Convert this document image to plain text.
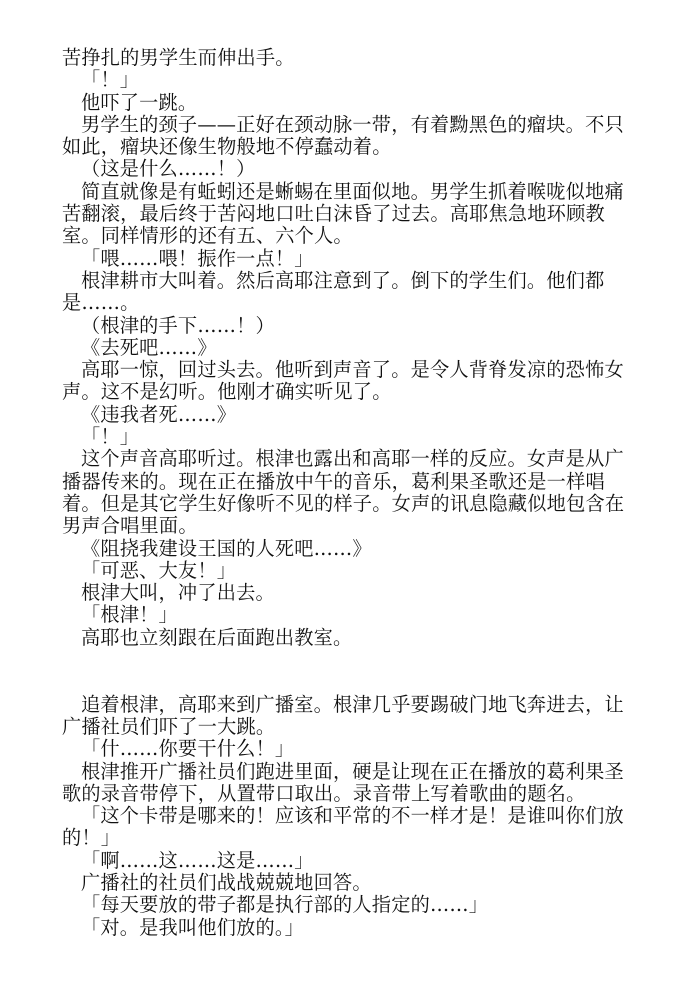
苦挣扎的男学生而伸出手。
「！」
他吓了一跳。
男学生的颈子——正好在颈动脉一带，有着黝黑色的瘤块。不只
如此，瘤块还像生物般地不停蠢动着。
（这是什么……！）
简直就像是有蚯蚓还是蜥蜴在里面似地。男学生抓着喉咙似地痛
苦翻滚，最后终于苦闷地口吐白沫昏了过去。高耶焦急地环顾教
室。同样情形的还有五、六个人。
「喂……喂！振作一点！」
根津耕市大叫着。然后高耶注意到了。倒下的学生们。他们都
是……。
（根津的手下……！）
《去死吧……》
高耶一惊，回过头去。他听到声音了。是令人背脊发凉的恐怖女
声。这不是幻听。他刚才确实听见了。
《违我者死……》
「！」
这个声音高耶听过。根津也露出和高耶一样的反应。女声是从广
播器传来的。现在正在播放中午的音乐，葛利果圣歌还是一样唱
着。但是其它学生好像听不见的样子。女声的讯息隐藏似地包含在
男声合唱里面。
《阻挠我建设王国的人死吧……》
「可恶、大友！」
根津大叫，冲了出去。
「根津！」
高耶也立刻跟在后面跑出教室。
追着根津，高耶来到广播室。根津几乎要踢破门地飞奔进去，让
广播社员们吓了一大跳。
「什……你要干什么！」
根津推开广播社员们跑进里面，硬是让现在正在播放的葛利果圣
歌的录音带停下，从置带口取出。录音带上写着歌曲的题名。
「这个卡带是哪来的！应该和平常的不一样才是！是谁叫你们放
的！」
「啊……这……这是……」
广播社的社员们战战兢兢地回答。
「每天要放的带子都是执行部的人指定的……」
「对。是我叫他们放的。」
